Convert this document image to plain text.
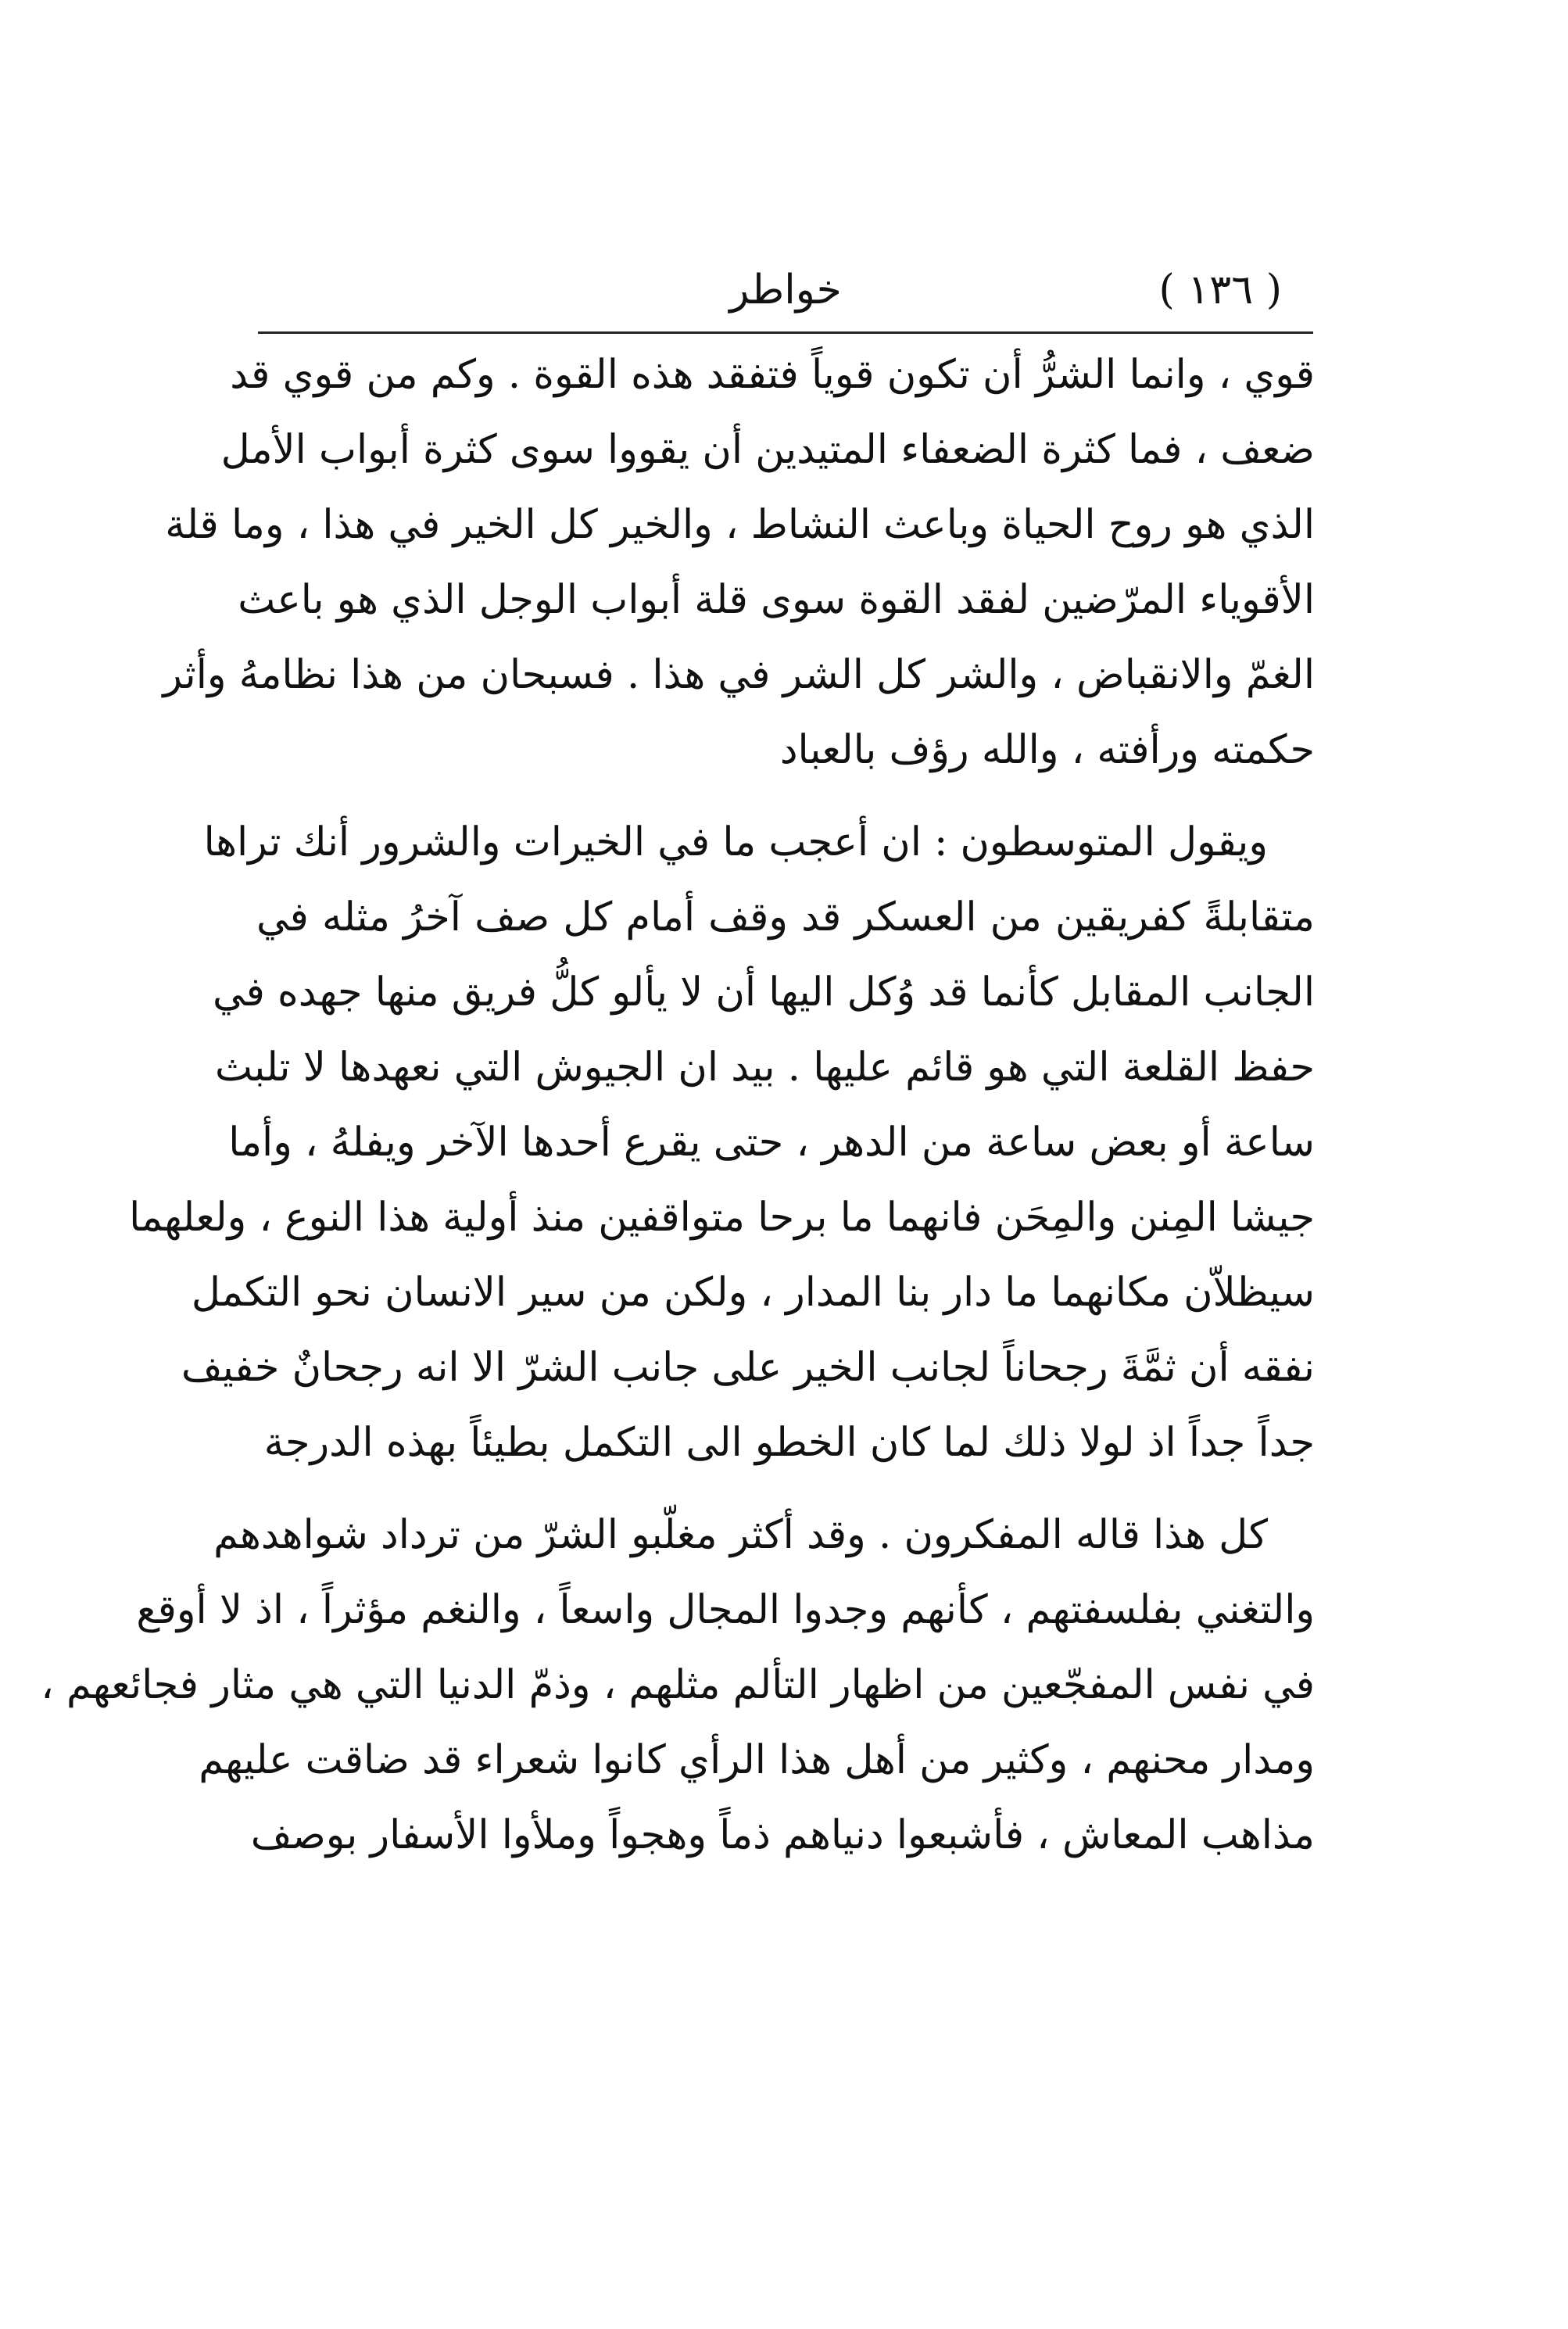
( ١٣٦ )
خواطر
قوي ، وانما الشرُّ أن تكون قوياً فتفقد هذه القوة . وكم من قوي قد
ضعف ، فما كثرة الضعفاء المتيدين أن يقووا سوى كثرة أبواب الأمل
الذي هو روح الحياة وباعث النشاط ، والخير كل الخير في هذا ، وما قلة
الأقوياء المرّضين لفقد القوة سوى قلة أبواب الوجل الذي هو باعث
الغمّ والانقباض ، والشر كل الشر في هذا . فسبحان من هذا نظامهُ وأثر
حكمته ورأفته ، والله رؤف بالعباد
ويقول المتوسطون : ان أعجب ما في الخيرات والشرور أنك تراها
متقابلةً كفريقين من العسكر قد وقف أمام كل صف آخرُ مثله في
الجانب المقابل كأنما قد وُكل اليها أن لا يألو كلُّ فريق منها جهده في
حفظ القلعة التي هو قائم عليها . بيد ان الجيوش التي نعهدها لا تلبث
ساعة أو بعض ساعة من الدهر ، حتى يقرع أحدها الآخر ويفلهُ ، وأما
جيشا المِنن والمِحَن فانهما ما برحا متواقفين منذ أولية هذا النوع ، ولعلهما
سيظلاّن مكانهما ما دار بنا المدار ، ولكن من سير الانسان نحو التكمل
نفقه أن ثمَّةَ رجحاناً لجانب الخير على جانب الشرّ الا انه رجحانٌ خفيف
جداً جداً اذ لولا ذلك لما كان الخطو الى التكمل بطيئاً بهذه الدرجة
كل هذا قاله المفكرون . وقد أكثر مغلّبو الشرّ من ترداد شواهدهم
والتغني بفلسفتهم ، كأنهم وجدوا المجال واسعاً ، والنغم مؤثراً ، اذ لا أوقع
في نفس المفجّعين من اظهار التألم مثلهم ، وذمّ الدنيا التي هي مثار فجائعهم ،
ومدار محنهم ، وكثير من أهل هذا الرأي كانوا شعراء قد ضاقت عليهم
مذاهب المعاش ، فأشبعوا دنياهم ذماً وهجواً وملأوا الأسفار بوصف
